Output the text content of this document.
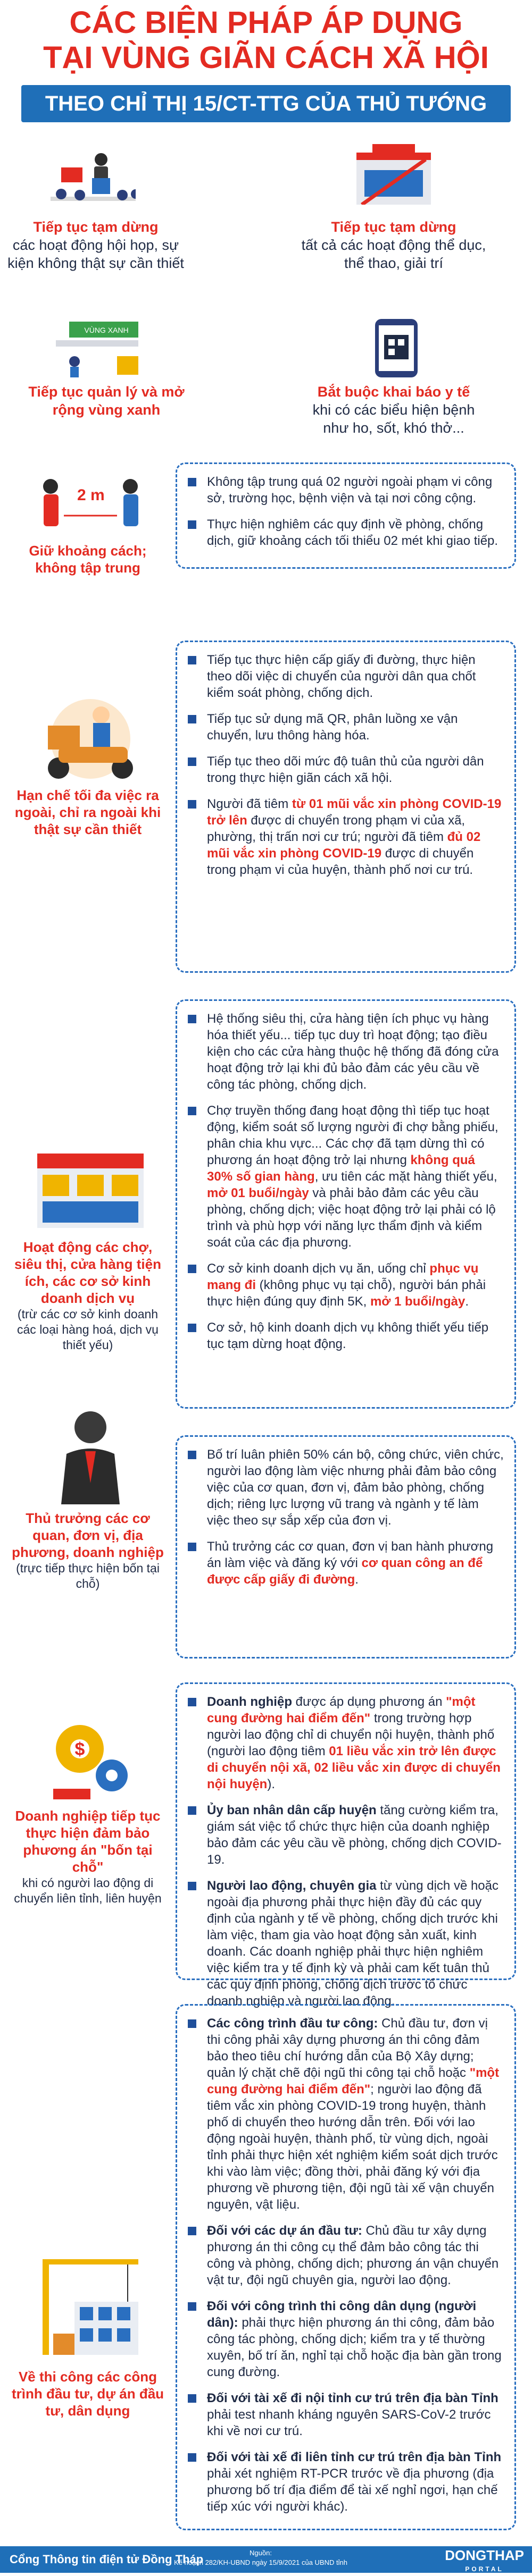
CÁC BIỆN PHÁP ÁP DỤNG
TẠI VÙNG GIÃN CÁCH XÃ HỘI
THEO CHỈ THỊ 15/CT-TTG CỦA THỦ TƯỚNG CHÍNH PHỦ
Tiếp tục tạm dừng
các hoạt động hội họp, sự kiện không thật sự cần thiết
Tiếp tục tạm dừng
tất cả các hoạt động thể dục, thể thao, giải trí
VÙNG XANH
Tiếp tục quản lý và mở rộng vùng xanh
Bắt buộc khai báo y tế
khi có các biểu hiện bệnh như ho, sốt, khó thở...
2 m
Giữ khoảng cách; không tập trung
Không tập trung quá 02 người ngoài phạm vi công sở, trường học, bệnh viện và tại nơi công cộng.
Thực hiện nghiêm các quy định về phòng, chống dịch, giữ khoảng cách tối thiểu 02 mét khi giao tiếp.
Hạn chế tối đa việc ra ngoài, chỉ ra ngoài khi thật sự cần thiết
Tiếp tục thực hiện cấp giấy đi đường, thực hiện theo dõi việc di chuyển của người dân qua chốt kiểm soát phòng, chống dịch.
Tiếp tục sử dụng mã QR, phân luồng xe vận chuyển, lưu thông hàng hóa.
Tiếp tục theo dõi mức độ tuân thủ của người dân trong thực hiện giãn cách xã hội.
Người đã tiêm từ 01 mũi vắc xin phòng COVID-19 trở lên được di chuyển trong phạm vi của xã, phường, thị trấn nơi cư trú; người đã tiêm đủ 02 mũi vắc xin phòng COVID-19 được di chuyển trong phạm vi của huyện, thành phố nơi cư trú.
Hoạt động các chợ, siêu thị, cửa hàng tiện ích, các cơ sở kinh doanh dịch vụ
(trừ các cơ sở kinh doanh các loại hàng hoá, dịch vụ thiết yếu)
Hệ thống siêu thị, cửa hàng tiện ích phục vụ hàng hóa thiết yếu... tiếp tục duy trì hoạt động; tạo điều kiện cho các cửa hàng thuộc hệ thống đã đóng cửa hoạt động trở lại khi đủ bảo đảm các yêu cầu về công tác phòng, chống dịch.
Chợ truyền thống đang hoạt động thì tiếp tục hoạt động, kiểm soát số lượng người đi chợ bằng phiếu, phân chia khu vực... Các chợ đã tạm dừng thì có phương án hoạt động trở lại nhưng không quá 30% số gian hàng, ưu tiên các mặt hàng thiết yếu, mở 01 buổi/ngày và phải bảo đảm các yêu cầu phòng, chống dịch; việc hoạt động trở lại phải có lộ trình và phù hợp với năng lực thẩm định và kiểm soát của các địa phương.
Cơ sở kinh doanh dịch vụ ăn, uống chỉ phục vụ mang đi (không phục vụ tại chỗ), người bán phải thực hiện đúng quy định 5K, mở 1 buổi/ngày.
Cơ sở, hộ kinh doanh dịch vụ không thiết yếu tiếp tục tạm dừng hoạt động.
Thủ trưởng các cơ quan, đơn vị, địa phương, doanh nghiệp
(trực tiếp thực hiện bốn tại chỗ)
Bố trí luân phiên 50% cán bộ, công chức, viên chức, người lao động làm việc nhưng phải đảm bảo công việc của cơ quan, đơn vị, đảm bảo phòng, chống dịch; riêng lực lượng vũ trang và ngành y tế làm việc theo sự sắp xếp của đơn vị.
Thủ trưởng các cơ quan, đơn vị ban hành phương án làm việc và đăng ký với cơ quan công an để được cấp giấy đi đường.
$
Doanh nghiệp tiếp tục thực hiện đảm bảo phương án "bốn tại chỗ"
khi có người lao động di chuyển liên tỉnh, liên huyện
Doanh nghiệp được áp dụng phương án "một cung đường hai điểm đến" trong trường hợp người lao động chỉ di chuyển nội huyện, thành phố (người lao động tiêm 01 liều vắc xin trở lên được di chuyển nội xã, 02 liều vắc xin được di chuyển nội huyện).
Ủy ban nhân dân cấp huyện tăng cường kiểm tra, giám sát việc tổ chức thực hiện của doanh nghiệp bảo đảm các yêu cầu về phòng, chống dịch COVID-19.
Người lao động, chuyên gia từ vùng dịch về hoặc ngoài địa phương phải thực hiện đầy đủ các quy định của ngành y tế về phòng, chống dịch trước khi làm việc, tham gia vào hoạt động sản xuất, kinh doanh. Các doanh nghiệp phải thực hiện nghiêm việc kiểm tra y tế định kỳ và phải cam kết tuân thủ các quy định phòng, chống dịch trước tổ chức doanh nghiệp và người lao động.
Về thi công các công trình đầu tư, dự án đầu tư, dân dụng
Các công trình đầu tư công: Chủ đầu tư, đơn vị thi công phải xây dựng phương án thi công đảm bảo theo tiêu chí hướng dẫn của Bộ Xây dựng; quản lý chặt chẽ đội ngũ thi công tại chỗ hoặc "một cung đường hai điểm đến"; người lao động đã tiêm vắc xin phòng COVID-19 trong huyện, thành phố di chuyển theo hướng dẫn trên. Đối với lao động ngoài huyện, thành phố, từ vùng dịch, ngoài tỉnh phải thực hiện xét nghiệm kiểm soát dịch trước khi vào làm việc; đồng thời, phải đăng ký với địa phương về phương tiện, đội ngũ tài xế vận chuyển nguyên, vật liệu.
Đối với các dự án đầu tư: Chủ đầu tư xây dựng phương án thi công cụ thể đảm bảo công tác thi công và phòng, chống dịch; phương án vận chuyển vật tư, đội ngũ chuyên gia, người lao động.
Đối với công trình thi công dân dụng (người dân): phải thực hiện phương án thi công, đảm bảo công tác phòng, chống dịch; kiểm tra y tế thường xuyên, bố trí ăn, nghỉ tại chỗ hoặc địa bàn gần trong cung đường.
Đối với tài xế đi nội tỉnh cư trú trên địa bàn Tỉnh phải test nhanh kháng nguyên SARS-CoV-2 trước khi về nơi cư trú.
Đối với tài xế đi liên tỉnh cư trú trên địa bàn Tỉnh phải xét nghiệm RT-PCR trước về địa phương (địa phương bố trí địa điểm để tài xế nghỉ ngơi, hạn chế tiếp xúc với người khác).
Cổng Thông tin điện tử Đồng Tháp	Nguồn:
Kế hoạch 282/KH-UBND ngày 15/9/2021 của UBND tỉnh	DONGTHAP
PORTAL
